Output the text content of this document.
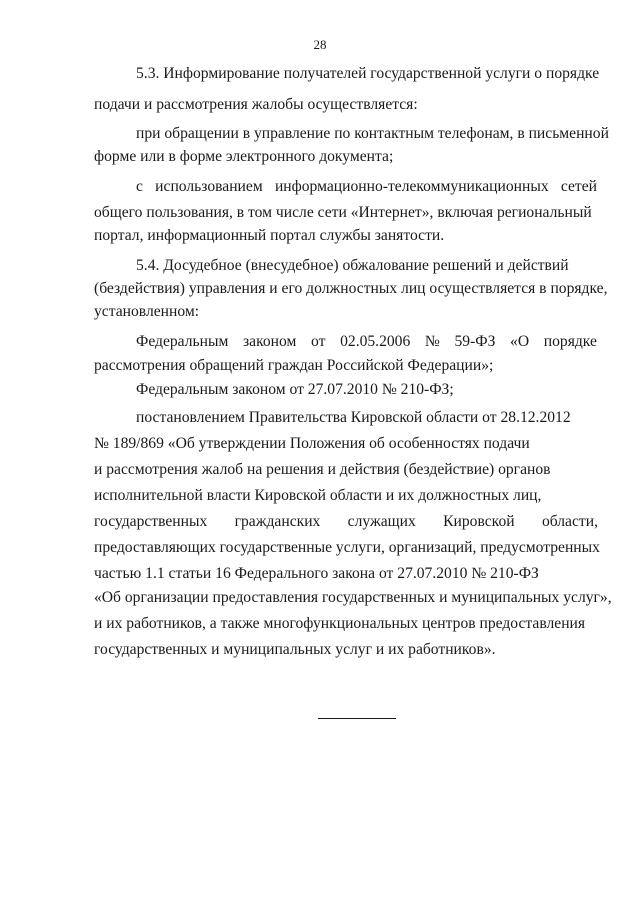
28
5.3. Информирование получателей государственной услуги о порядке
подачи и рассмотрения жалобы осуществляется:
при обращении в управление по контактным телефонам, в письменной
форме или в форме электронного документа;
с использованием информационно-телекоммуникационных сетей
общего пользования, в том числе сети «Интернет», включая региональный
портал, информационный портал службы занятости.
5.4. Досудебное (внесудебное) обжалование решений и действий
(бездействия) управления и его должностных лиц осуществляется в порядке,
установленном:
Федеральным законом от 02.05.2006 № 59-ФЗ «О порядке
рассмотрения обращений граждан Российской Федерации»;
Федеральным законом от 27.07.2010 № 210-ФЗ;
постановлением Правительства Кировской области от 28.12.2012
№ 189/869 «Об утверждении Положения об особенностях подачи
и рассмотрения жалоб на решения и действия (бездействие) органов
исполнительной власти Кировской области и их должностных лиц,
государственных гражданских служащих Кировской области,
предоставляющих государственные услуги, организаций, предусмотренных
частью 1.1 статьи 16 Федерального закона от 27.07.2010 № 210-ФЗ
«Об организации предоставления государственных и муниципальных услуг»,
и их работников, а также многофункциональных центров предоставления
государственных и муниципальных услуг и их работников».
